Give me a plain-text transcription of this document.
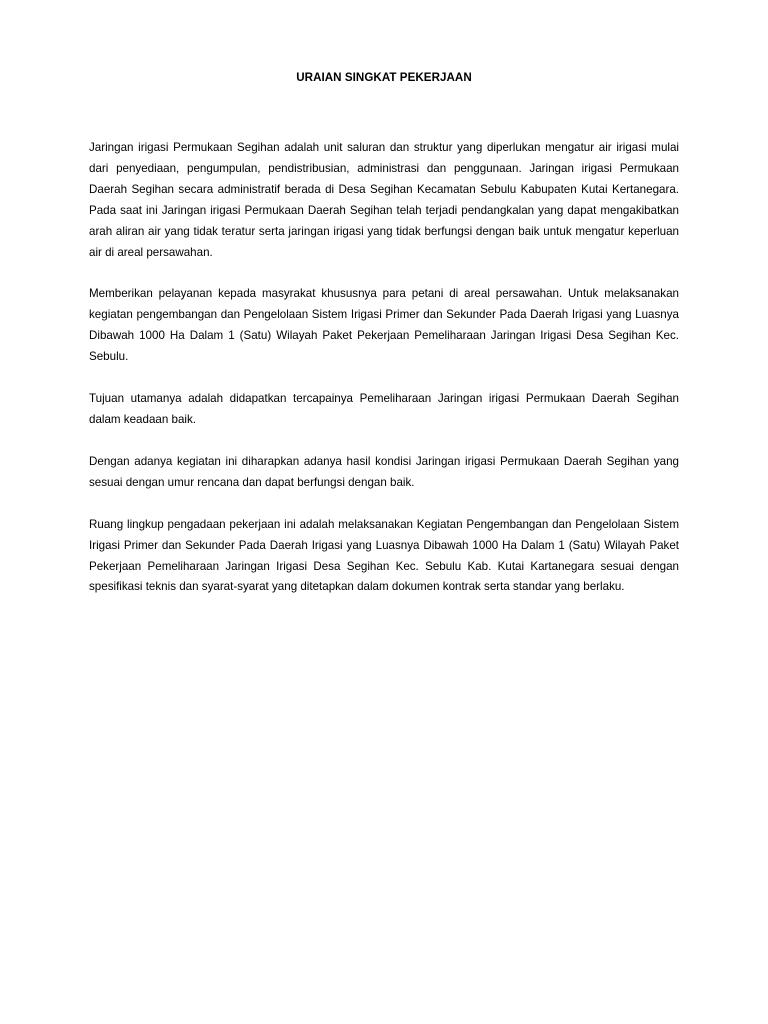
URAIAN SINGKAT PEKERJAAN

Jaringan irigasi Permukaan Segihan adalah unit saluran dan struktur yang diperlukan mengatur air irigasi mulai dari penyediaan, pengumpulan, pendistribusian, administrasi dan penggunaan. Jaringan irigasi Permukaan Daerah Segihan secara administratif berada di Desa Segihan Kecamatan Sebulu Kabupaten Kutai Kertanegara. Pada saat ini Jaringan irigasi Permukaan Daerah Segihan telah terjadi pendangkalan yang dapat mengakibatkan arah aliran air yang tidak teratur serta jaringan irigasi yang tidak berfungsi dengan baik untuk mengatur keperluan air di areal persawahan.

Memberikan pelayanan kepada masyrakat khususnya para petani di areal persawahan. Untuk melaksanakan kegiatan pengembangan dan Pengelolaan Sistem Irigasi Primer dan Sekunder Pada Daerah Irigasi yang Luasnya Dibawah 1000 Ha Dalam 1 (Satu) Wilayah Paket Pekerjaan Pemeliharaan Jaringan Irigasi Desa Segihan Kec. Sebulu.

Tujuan utamanya adalah didapatkan tercapainya Pemeliharaan Jaringan irigasi Permukaan Daerah Segihan dalam keadaan baik.

Dengan adanya kegiatan ini diharapkan adanya hasil kondisi Jaringan irigasi Permukaan Daerah Segihan yang sesuai dengan umur rencana dan dapat berfungsi dengan baik.

Ruang lingkup pengadaan pekerjaan ini adalah melaksanakan Kegiatan Pengembangan dan Pengelolaan Sistem Irigasi Primer dan Sekunder Pada Daerah Irigasi yang Luasnya Dibawah 1000 Ha Dalam 1 (Satu) Wilayah Paket Pekerjaan Pemeliharaan Jaringan Irigasi Desa Segihan Kec. Sebulu Kab. Kutai Kartanegara sesuai dengan spesifikasi teknis dan syarat-syarat yang ditetapkan dalam dokumen kontrak serta standar yang berlaku.
